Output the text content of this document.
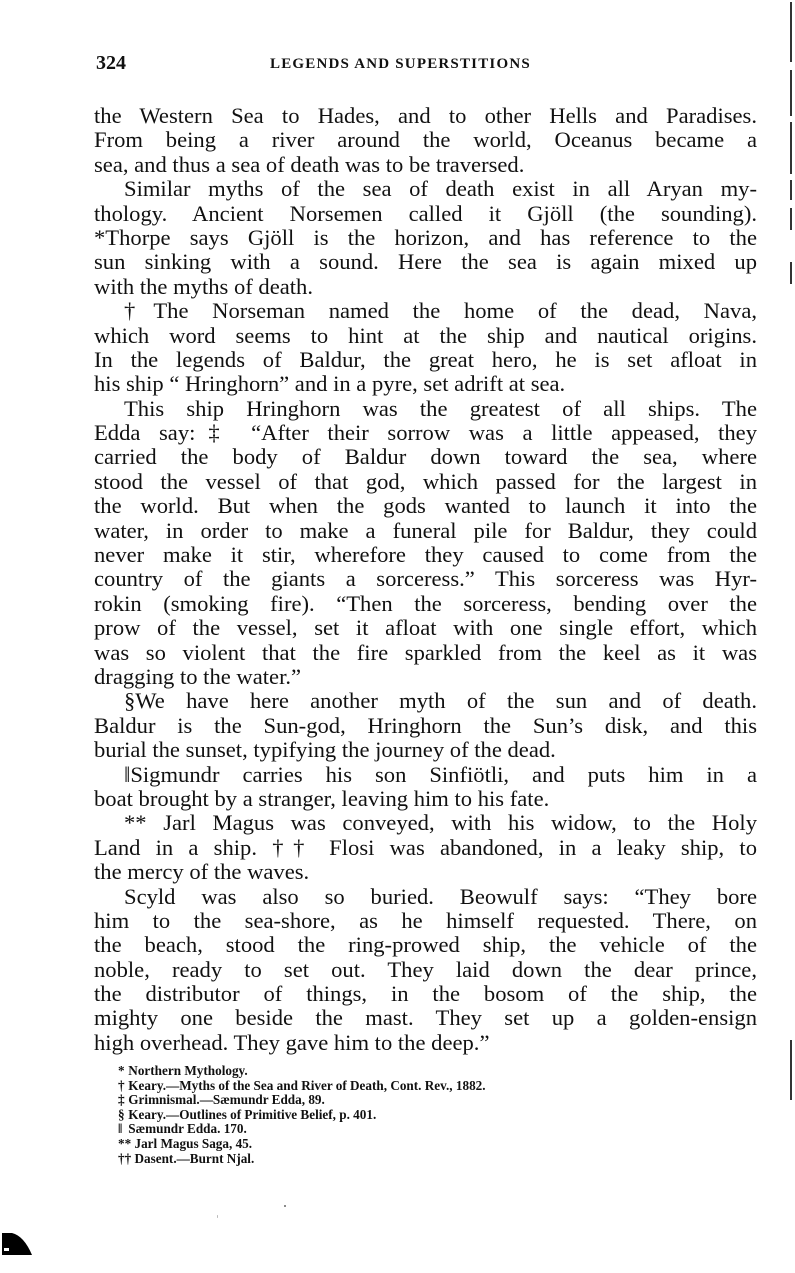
324	LEGENDS AND SUPERSTITIONS
the Western Sea to Hades, and to other Hells and Paradises.
From being a river around the world, Oceanus became a
sea, and thus a sea of death was to be traversed.
Similar myths of the sea of death exist in all Aryan my-
thology. Ancient Norsemen called it Gjöll (the sounding).
*Thorpe says Gjöll is the horizon, and has reference to the
sun sinking with a sound. Here the sea is again mixed up
with the myths of death.
†The Norseman named the home of the dead, Nava,
which word seems to hint at the ship and nautical origins.
In the legends of Baldur, the great hero, he is set afloat in
his ship “ Hringhorn” and in a pyre, set adrift at sea.
This ship Hringhorn was the greatest of all ships. The
Edda say:‡ “After their sorrow was a little appeased, they
carried the body of Baldur down toward the sea, where
stood the vessel of that god, which passed for the largest in
the world. But when the gods wanted to launch it into the
water, in order to make a funeral pile for Baldur, they could
never make it stir, wherefore they caused to come from the
country of the giants a sorceress.” This sorceress was Hyr-
rokin (smoking fire). “Then the sorceress, bending over the
prow of the vessel, set it afloat with one single effort, which
was so violent that the fire sparkled from the keel as it was
dragging to the water.”
§We have here another myth of the sun and of death.
Baldur is the Sun-god, Hringhorn the Sun’s disk, and this
burial the sunset, typifying the journey of the dead.
‖Sigmundr carries his son Sinfiötli, and puts him in a
boat brought by a stranger, leaving him to his fate.
** Jarl Magus was conveyed, with his widow, to the Holy
Land in a ship. †† Flosi was abandoned, in a leaky ship, to
the mercy of the waves.
Scyld was also so buried. Beowulf says: “They bore
him to the sea-shore, as he himself requested. There, on
the beach, stood the ring-prowed ship, the vehicle of the
noble, ready to set out. They laid down the dear prince,
the distributor of things, in the bosom of the ship, the
mighty one beside the mast. They set up a golden-ensign
high overhead. They gave him to the deep.”
* Northern Mythology.
† Keary.—Myths of the Sea and River of Death, Cont. Rev., 1882.
‡ Grimnismal.—Sæmundr Edda, 89.
§ Keary.—Outlines of Primitive Belief, p. 401.
‖ Sæmundr Edda. 170.
** Jarl Magus Saga, 45.
†† Dasent.—Burnt Njal.
